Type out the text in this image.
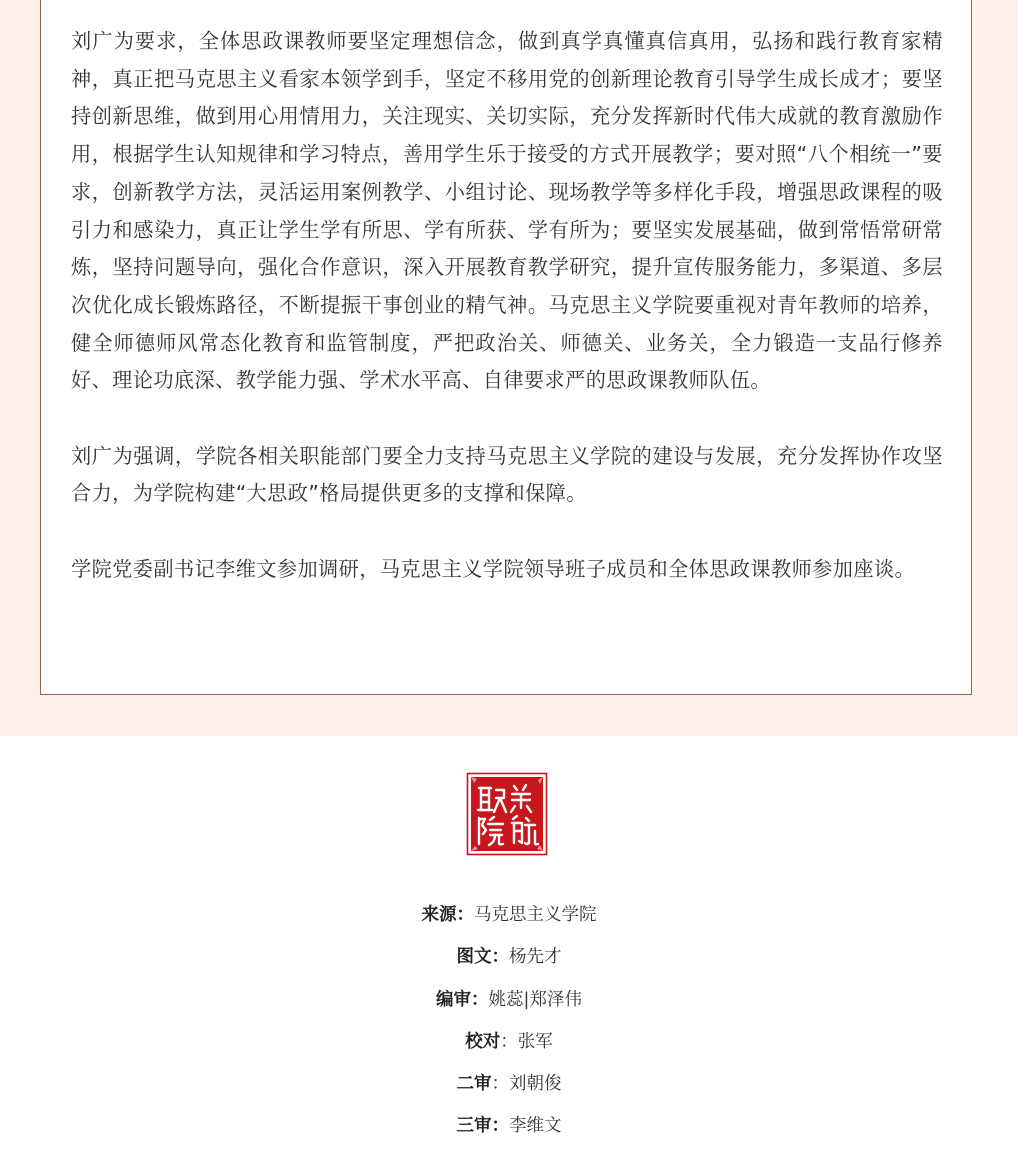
刘广为要求，全体思政课教师要坚定理想信念，做到真学真懂真信真用，弘扬和践行教育家精神，真正把马克思主义看家本领学到手，坚定不移用党的创新理论教育引导学生成长成才；要坚持创新思维，做到用心用情用力，关注现实、关切实际，充分发挥新时代伟大成就的教育激励作用，根据学生认知规律和学习特点，善用学生乐于接受的方式开展教学；要对照“八个相统一”要求，创新教学方法，灵活运用案例教学、小组讨论、现场教学等多样化手段，增强思政课程的吸引力和感染力，真正让学生学有所思、学有所获、学有所为；要坚实发展基础，做到常悟常研常炼，坚持问题导向，强化合作意识，深入开展教育教学研究，提升宣传服务能力，多渠道、多层次优化成长锻炼路径，不断提振干事创业的精气神。马克思主义学院要重视对青年教师的培养，健全师德师风常态化教育和监管制度，严把政治关、师德关、业务关，全力锻造一支品行修养好、理论功底深、教学能力强、学术水平高、自律要求严的思政课教师队伍。

刘广为强调，学院各相关职能部门要全力支持马克思主义学院的建设与发展，充分发挥协作攻坚合力，为学院构建“大思政”格局提供更多的支撑和保障。

学院党委副书记李维文参加调研，马克思主义学院领导班子成员和全体思政课教师参加座谈。

来源：马克思主义学院
图文：杨先才
编审：姚蕊|郑泽伟
校对：张军
二审：刘朝俊
三审：李维文
